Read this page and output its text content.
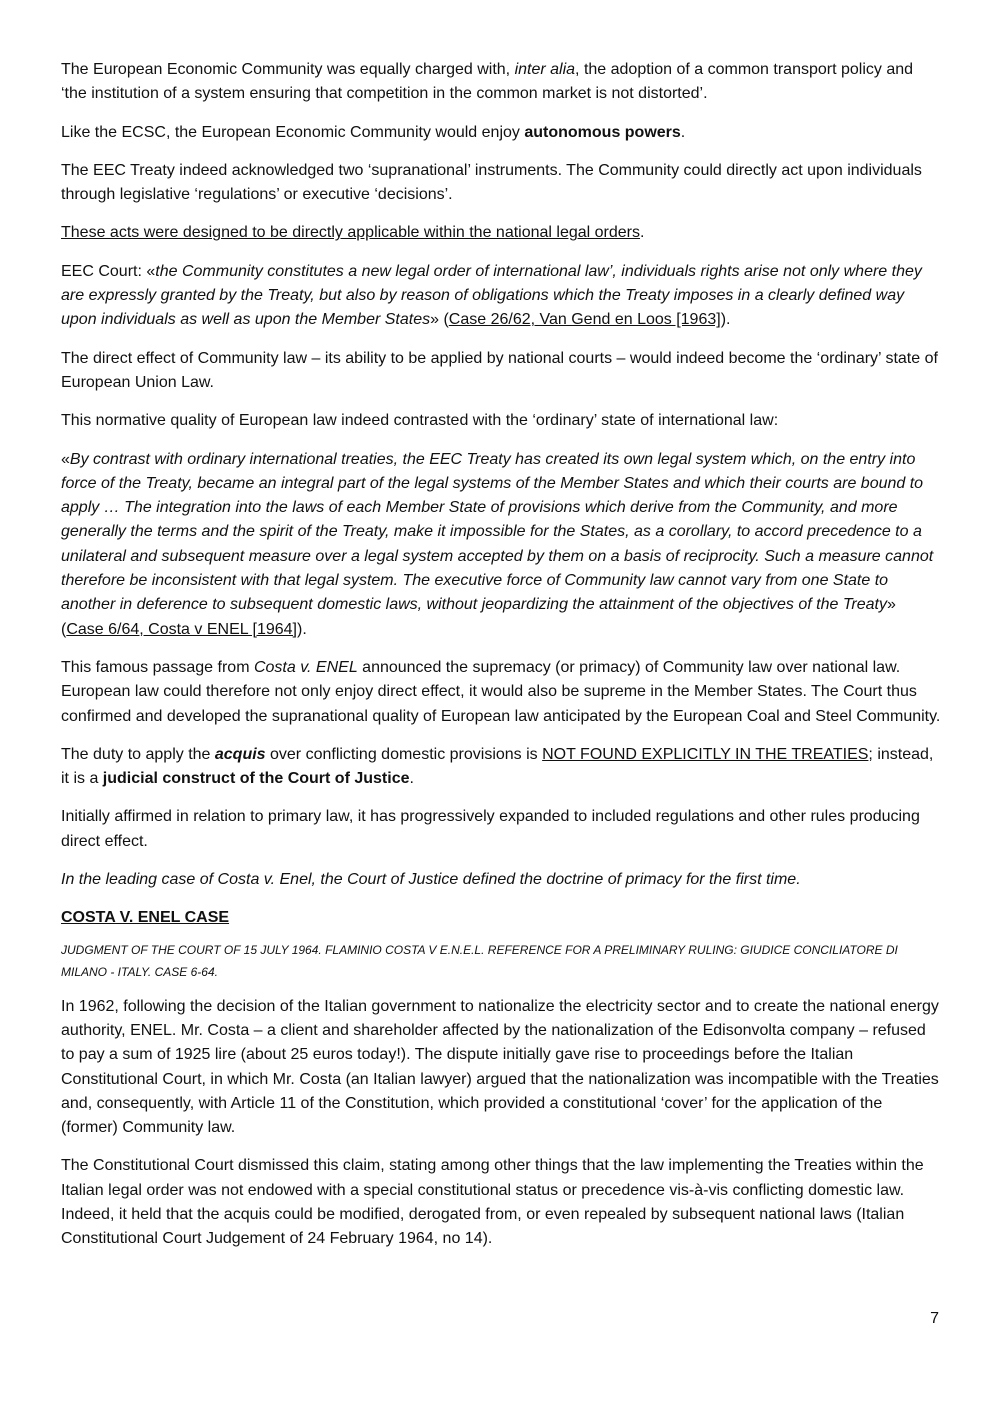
The European Economic Community was equally charged with, inter alia, the adoption of a common transport policy and ‘the institution of a system ensuring that competition in the common market is not distorted’.

Like the ECSC, the European Economic Community would enjoy autonomous powers.

The EEC Treaty indeed acknowledged two ‘supranational’ instruments. The Community could directly act upon individuals through legislative ‘regulations’ or executive ‘decisions’.

These acts were designed to be directly applicable within the national legal orders.

EEC Court: «the Community constitutes a new legal order of international law’, individuals rights arise not only where they are expressly granted by the Treaty, but also by reason of obligations which the Treaty imposes in a clearly defined way upon individuals as well as upon the Member States» (Case 26/62, Van Gend en Loos [1963]).

The direct effect of Community law – its ability to be applied by national courts – would indeed become the ‘ordinary’ state of European Union Law.

This normative quality of European law indeed contrasted with the ‘ordinary’ state of international law:

«By contrast with ordinary international treaties, the EEC Treaty has created its own legal system which, on the entry into force of the Treaty, became an integral part of the legal systems of the Member States and which their courts are bound to apply … The integration into the laws of each Member State of provisions which derive from the Community, and more generally the terms and the spirit of the Treaty, make it impossible for the States, as a corollary, to accord precedence to a unilateral and subsequent measure over a legal system accepted by them on a basis of reciprocity. Such a measure cannot therefore be inconsistent with that legal system. The executive force of Community law cannot vary from one State to another in deference to subsequent domestic laws, without jeopardizing the attainment of the objectives of the Treaty» (Case 6/64, Costa v ENEL [1964]).

This famous passage from Costa v. ENEL announced the supremacy (or primacy) of Community law over national law. European law could therefore not only enjoy direct effect, it would also be supreme in the Member States. The Court thus confirmed and developed the supranational quality of European law anticipated by the European Coal and Steel Community.

The duty to apply the acquis over conflicting domestic provisions is NOT FOUND EXPLICITLY IN THE TREATIES; instead, it is a judicial construct of the Court of Justice.

Initially affirmed in relation to primary law, it has progressively expanded to included regulations and other rules producing direct effect.

In the leading case of Costa v. Enel, the Court of Justice defined the doctrine of primacy for the first time.

COSTA V. ENEL CASE

JUDGMENT OF THE COURT OF 15 JULY 1964. FLAMINIO COSTA V E.N.E.L. REFERENCE FOR A PRELIMINARY RULING: GIUDICE CONCILIATORE DI MILANO - ITALY. CASE 6-64.

In 1962, following the decision of the Italian government to nationalize the electricity sector and to create the national energy authority, ENEL. Mr. Costa – a client and shareholder affected by the nationalization of the Edisonvolta company – refused to pay a sum of 1925 lire (about 25 euros today!). The dispute initially gave rise to proceedings before the Italian Constitutional Court, in which Mr. Costa (an Italian lawyer) argued that the nationalization was incompatible with the Treaties and, consequently, with Article 11 of the Constitution, which provided a constitutional ‘cover’ for the application of the (former) Community law.

The Constitutional Court dismissed this claim, stating among other things that the law implementing the Treaties within the Italian legal order was not endowed with a special constitutional status or precedence vis-à-vis conflicting domestic law. Indeed, it held that the acquis could be modified, derogated from, or even repealed by subsequent national laws (Italian Constitutional Court Judgement of 24 February 1964, no 14).

7
